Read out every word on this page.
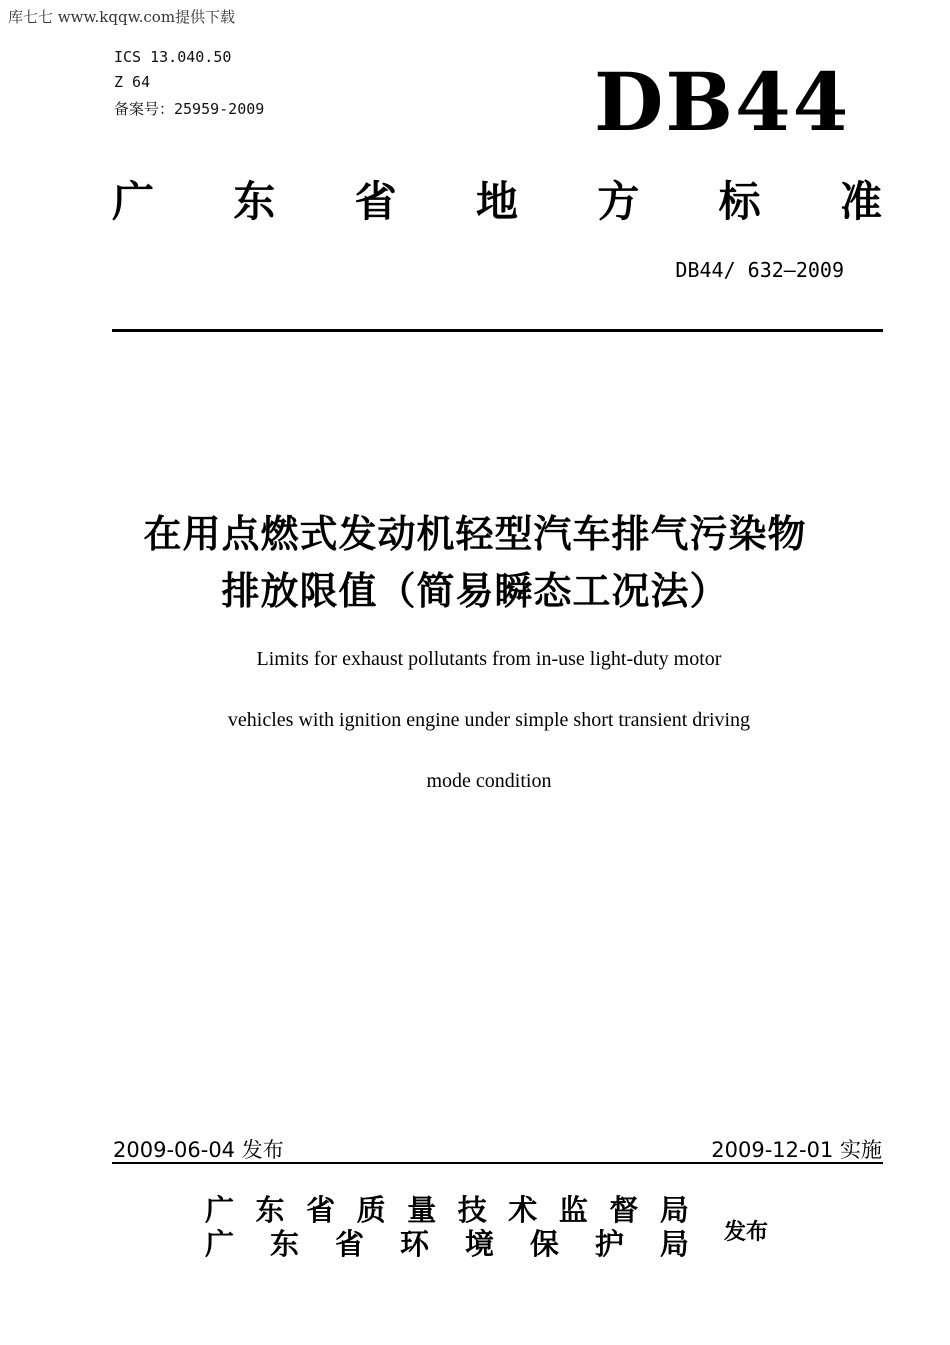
库七七 www.kqqw.com提供下载
ICS 13.040.50
Z 64
备案号：25959-2009	DB44
广 东 省 地 方 标 准
DB44/ 632—2009
在用点燃式发动机轻型汽车排气污染物
排放限值（简易瞬态工况法）
Limits for exhaust pollutants from in-use light-duty motor
vehicles with ignition engine under simple short transient driving
mode condition
2009-06-04 发布	2009-12-01 实施
广 东 省 质 量 技 术 监 督 局
广 东 省 环 境 保 护 局 发布
